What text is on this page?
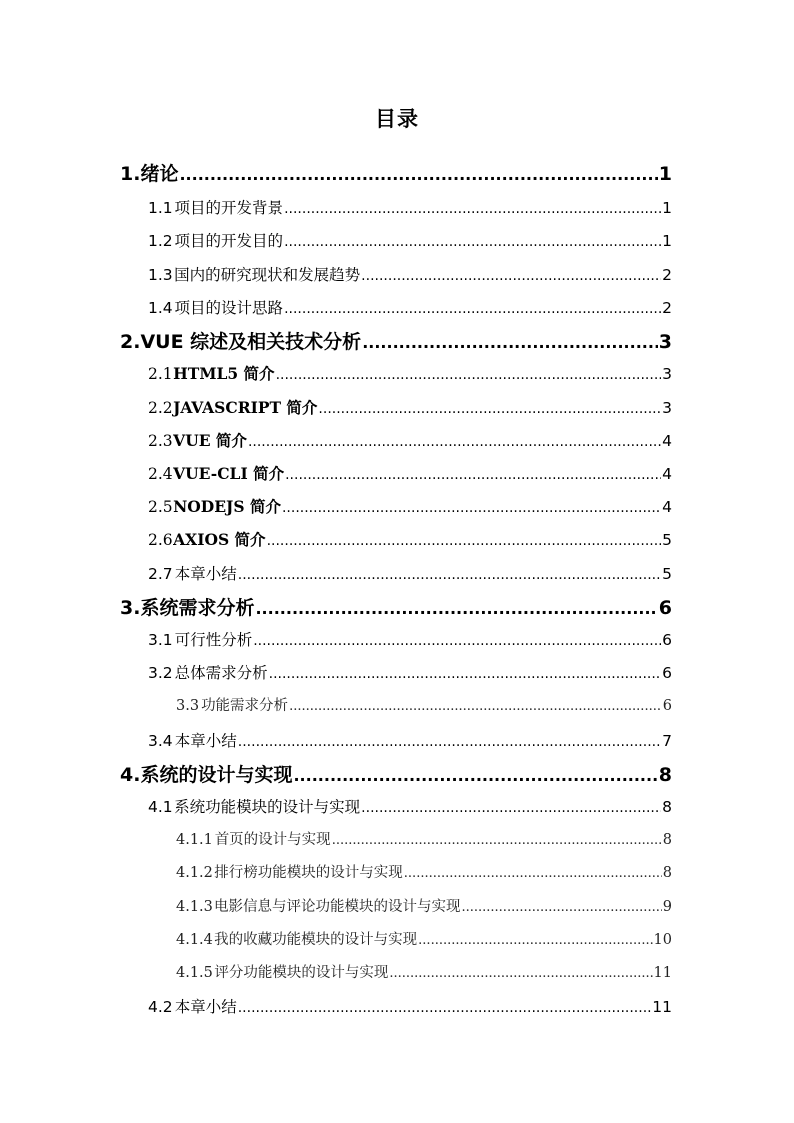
目录
1. 绪论 .....	1
1.1 项目的开发背景 .....	1
1.2 项目的开发目的 .....	1
1.3 国内的研究现状和发展趋势 .....	2
1.4 项目的设计思路 .....	2
2. VUE 综述及相关技术分析 .....	3
2.1 HTML5 简介 .....	3
2.2 JAVASCRIPT 简介 .....	3
2.3 VUE 简介 .....	4
2.4 VUE-CLI 简介 .....	4
2.5 NODEJS 简介 .....	4
2.6 AXIOS 简介 .....	5
2.7 本章小结 .....	5
3. 系统需求分析 .....	6
3.1 可行性分析 .....	6
3.2 总体需求分析 .....	6
3.3 功能需求分析 .....	6
3.4 本章小结 .....	7
4. 系统的设计与实现 .....	8
4.1 系统功能模块的设计与实现 .....	8
4.1.1 首页的设计与实现 .....	8
4.1.2 排行榜功能模块的设计与实现 .....	8
4.1.3 电影信息与评论功能模块的设计与实现 .....	9
4.1.4 我的收藏功能模块的设计与实现 .....	10
4.1.5 评分功能模块的设计与实现 .....	11
4.2 本章小结 .....	11
